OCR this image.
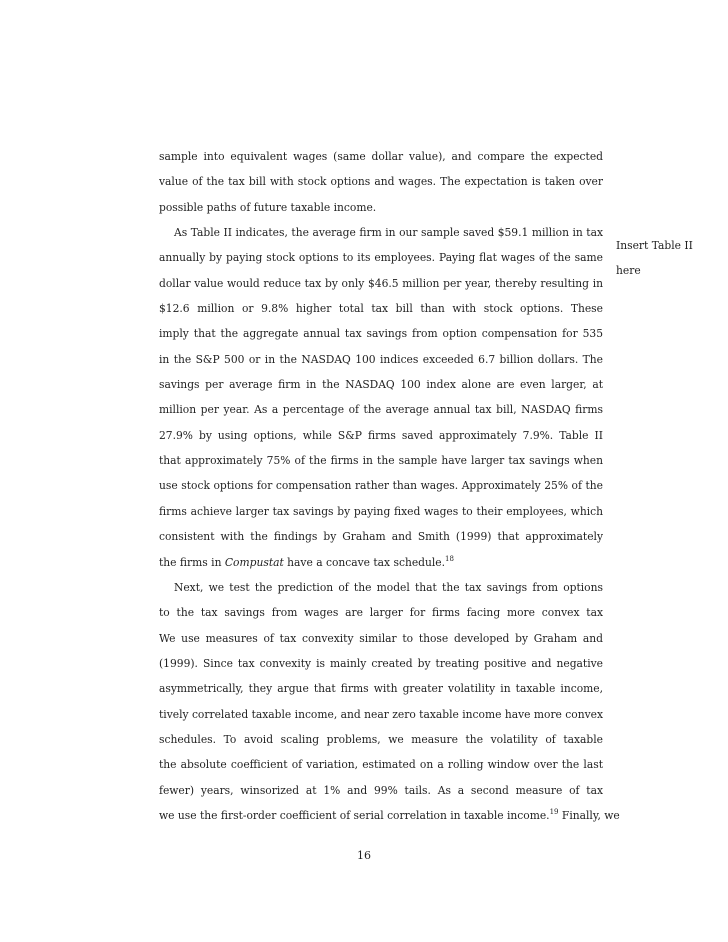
sample into equivalent wages (same dollar value), and compare the expected
value of the tax bill with stock options and wages. The expectation is taken over
possible paths of future taxable income.
As Table II indicates, the average firm in our sample saved $59.1 million in tax
annually by paying stock options to its employees. Paying flat wages of the same
dollar value would reduce tax by only $46.5 million per year, thereby resulting in
$12.6 million or 9.8% higher total tax bill than with stock options. These
imply that the aggregate annual tax savings from option compensation for 535
in the S&P 500 or in the NASDAQ 100 indices exceeded 6.7 billion dollars. The
savings per average firm in the NASDAQ 100 index alone are even larger, at
million per year. As a percentage of the average annual tax bill, NASDAQ firms
27.9% by using options, while S&P firms saved approximately 7.9%. Table II
that approximately 75% of the firms in the sample have larger tax savings when
use stock options for compensation rather than wages. Approximately 25% of the
firms achieve larger tax savings by paying fixed wages to their employees, which
consistent with the findings by Graham and Smith (1999) that approximately
the firms in Compustat have a concave tax schedule.$^{18}$
Next, we test the prediction of the model that the tax savings from options
to the tax savings from wages are larger for firms facing more convex tax
We use measures of tax convexity similar to those developed by Graham and
(1999). Since tax convexity is mainly created by treating positive and negative
asymmetrically, they argue that firms with greater volatility in taxable income,
tively correlated taxable income, and near zero taxable income have more convex
schedules. To avoid scaling problems, we measure the volatility of taxable
the absolute coefficient of variation, estimated on a rolling window over the last
fewer) years, winsorized at 1% and 99% tails. As a second measure of tax
we use the first-order coefficient of serial correlation in taxable income.$^{19}$ Finally, we
Insert Table II
here
16
